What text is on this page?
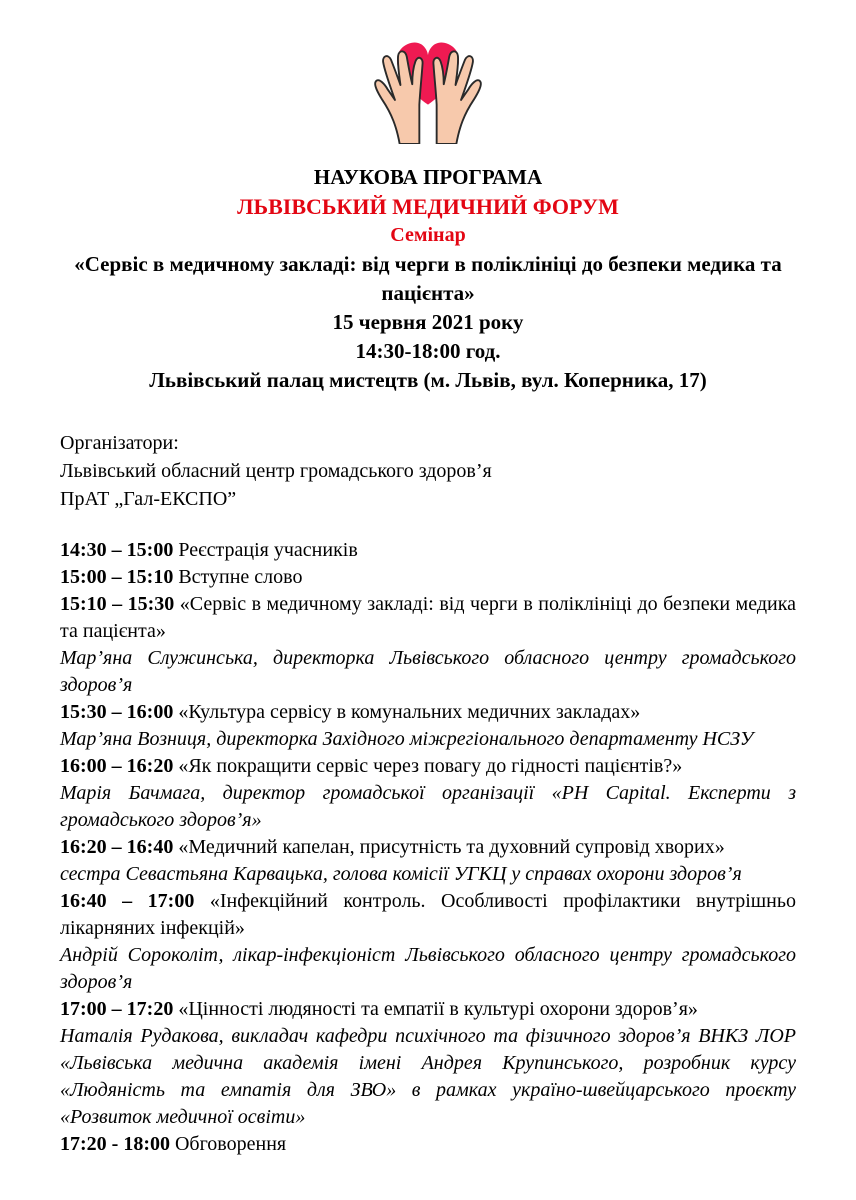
НАУКОВА ПРОГРАМА
ЛЬВІВСЬКИЙ МЕДИЧНИЙ ФОРУМ
Семінар
«Сервіс в медичному закладі: від черги в поліклініці до безпеки медика та пацієнта»
15 червня 2021 року
14:30-18:00 год.
Львівський палац мистецтв (м. Львів, вул. Коперника, 17)
Організатори:
Львівський обласний центр громадського здоров’я
ПрАТ „Гал-ЕКСПО”

14:30 – 15:00 Реєстрація учасників

15:00 – 15:10 Вступне слово

15:10 – 15:30 «Сервіс в медичному закладі: від черги в поліклініці до безпеки медика та пацієнта»

Мар’яна Служинська, директорка Львівського обласного центру громадського здоров’я

15:30 – 16:00 «Культура сервісу в комунальних медичних закладах»

Мар’яна Возниця, директорка Західного міжрегіонального департаменту НСЗУ

16:00 – 16:20 «Як покращити сервіс через повагу до гідності пацієнтів?»

Марія Бачмага, директор громадської організації «PH Capital. Експерти з громадського здоров’я»

16:20 – 16:40 «Медичний капелан, присутність та духовний супровід хворих»

сестра Севастьяна Карвацька, голова комісії УГКЦ у справах охорони здоров’я

16:40 – 17:00 «Інфекційний контроль. Особливості профілактики внутрішньо лікарняних інфекцій»

Андрій Сороколіт, лікар-інфекціоніст Львівського обласного центру громадського здоров’я

17:00 – 17:20 «Цінності людяності та емпатії в культурі охорони здоров’я»

Наталія Рудакова, викладач кафедри психічного та фізичного здоров’я ВНКЗ ЛОР «Львівська медична академія імені Андрея Крупинського, розробник курсу «Людяність та емпатія для ЗВО» в рамках україно-швейцарського проєкту «Розвиток медичної освіти»

17:20 - 18:00 Обговорення
